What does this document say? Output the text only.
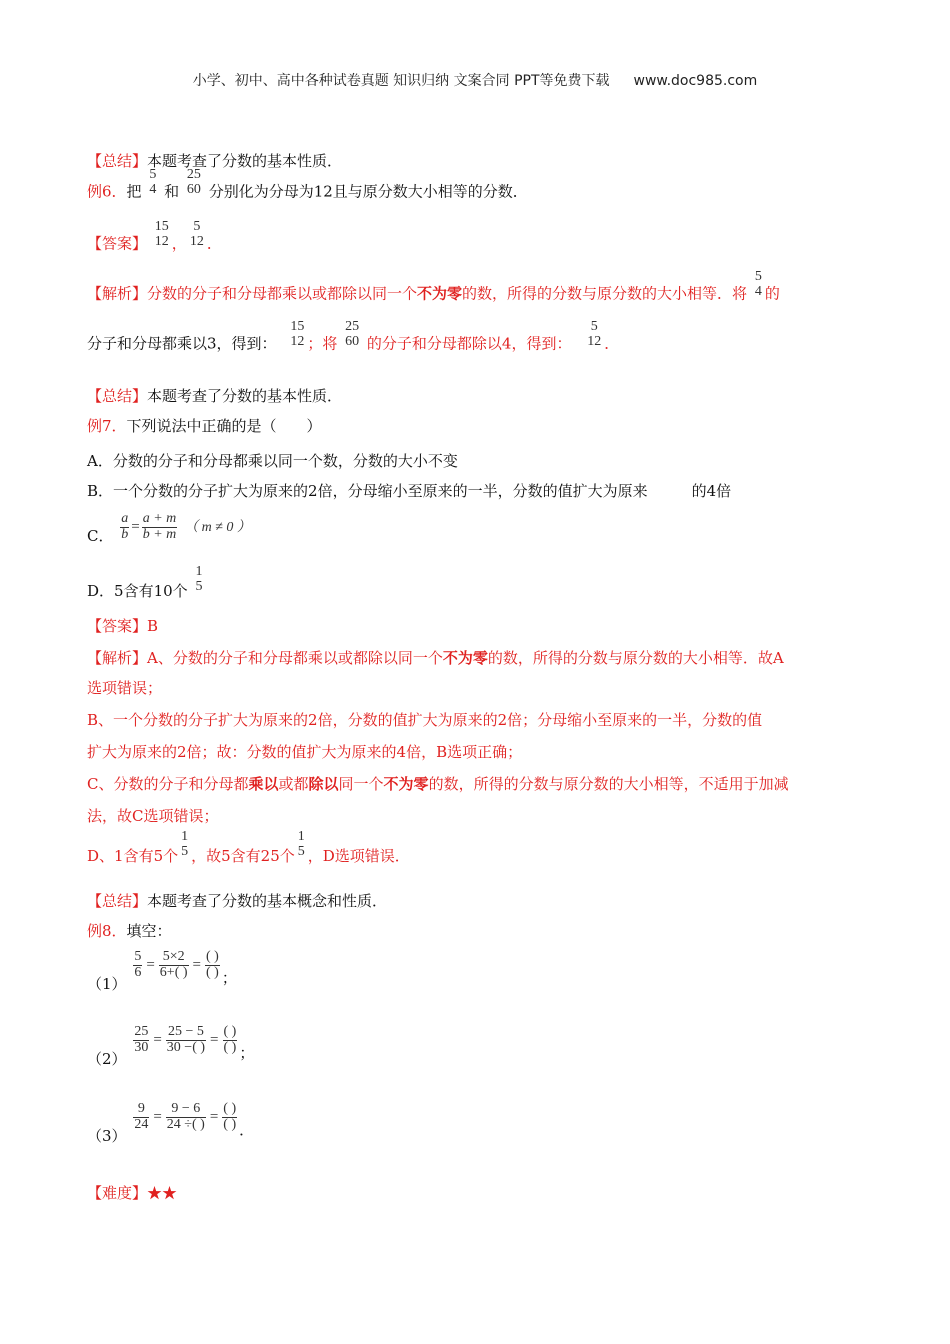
小学、初中、高中各种试卷真题 知识归纳 文案合同 PPT等免费下载 www.doc985.com
【总结】本题考查了分数的基本性质．
例6．把
5
4 和
25
60 分别化为分母为12且与原分数大小相等的分数．
【答案】
15
12 ，
5
12 ．
【解析】分数的分子和分母都乘以或都除以同一个不为零的数，所得的分数与原分数的大小相等．将
5
4 的
分子和分母都乘以3，得到：
15
12 ；将
25
60 的分子和分母都除以4，得到：
5
12 ．
【总结】本题考查了分数的基本性质．
例7．下列说法中正确的是（　　）
A．分数的分子和分母都乘以同一个数，分数的大小不变
B．一个分数的分子扩大为原来的2倍，分母缩小至原来的一半，分数的值扩大为原来	的4倍
C． $\frac{a}{b} = \frac{a + m}{b + m}$ （ m ≠ 0 ）
D．5含有10个
1
5
【答案】B
【解析】A、分数的分子和分母都乘以或都除以同一个不为零的数，所得的分数与原分数的大小相等．故A
选项错误；
B、一个分数的分子扩大为原来的2倍，分数的值扩大为原来的2倍；分母缩小至原来的一半，分数的值
扩大为原来的2倍；故：分数的值扩大为原来的4倍，B选项正确；
C、分数的分子和分母都乘以或都除以同一个不为零的数，所得的分数与原分数的大小相等，不适用于加减
法，故C选项错误；
D、1含有5个
1
5 ，故5含有25个
1
5 ，D选项错误．
【总结】本题考查了分数的基本概念和性质．
例8．填空：
（1）
$\frac{5}{6} = \frac{5\times 2}{6+( )} = \frac{( )}{( )}$ ；
（2）
$\frac{25}{30} = \frac{25 - 5}{30 -( )} = \frac{( )}{( )}$ ；
（3）
$\frac{9}{24} = \frac{9 - 6}{24 \div( )} = \frac{( )}{( )}$ ．
【难度】★★
